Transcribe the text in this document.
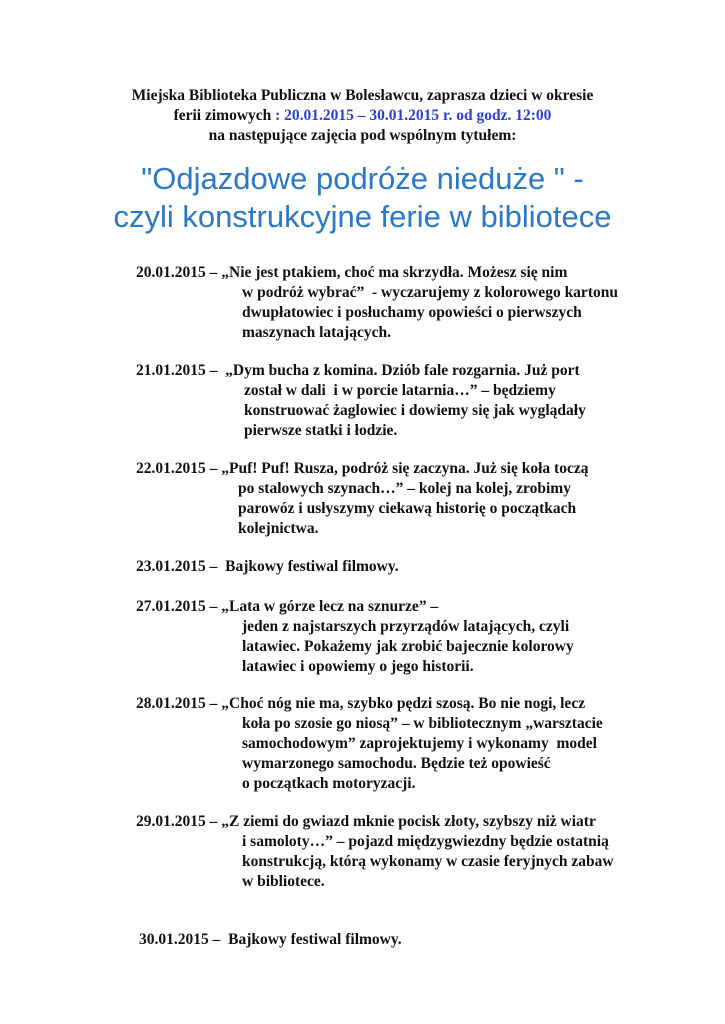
Miejska Biblioteka Publiczna w Bolesławcu, zaprasza dzieci w okresie
ferii zimowych : 20.01.2015 – 30.01.2015 r. od godz. 12:00
na następujące zajęcia pod wspólnym tytułem:
"Odjazdowe podróże nieduże " -
czyli konstrukcyjne ferie w bibliotece
20.01.2015 – „Nie jest ptakiem, choć ma skrzydła. Możesz się nim
w podróż wybrać”  - wyczarujemy z kolorowego kartonu
dwupłatowiec i posłuchamy opowieści o pierwszych
maszynach latających.
21.01.2015 –  „Dym bucha z komina. Dziób fale rozgarnia. Już port
został w dali  i w porcie latarnia…” – będziemy
konstruować żaglowiec i dowiemy się jak wyglądały
pierwsze statki i łodzie.
22.01.2015 – „Puf! Puf! Rusza, podróż się zaczyna. Już się koła toczą
po stalowych szynach…” – kolej na kolej, zrobimy
parowóz i usłyszymy ciekawą historię o początkach
kolejnictwa.
23.01.2015 –  Bajkowy festiwal filmowy.
27.01.2015 – „Lata w górze lecz na sznurze” –
jeden z najstarszych przyrządów latających, czyli
latawiec. Pokażemy jak zrobić bajecznie kolorowy
latawiec i opowiemy o jego historii.
28.01.2015 – „Choć nóg nie ma, szybko pędzi szosą. Bo nie nogi, lecz
koła po szosie go niosą” – w bibliotecznym „warsztacie
samochodowym” zaprojektujemy i wykonamy  model
wymarzonego samochodu. Będzie też opowieść
o początkach motoryzacji.
29.01.2015 – „Z ziemi do gwiazd mknie pocisk złoty, szybszy niż wiatr
i samoloty…” – pojazd międzygwiezdny będzie ostatnią
konstrukcją, którą wykonamy w czasie feryjnych zabaw
w bibliotece.
30.01.2015 –  Bajkowy festiwal filmowy.
